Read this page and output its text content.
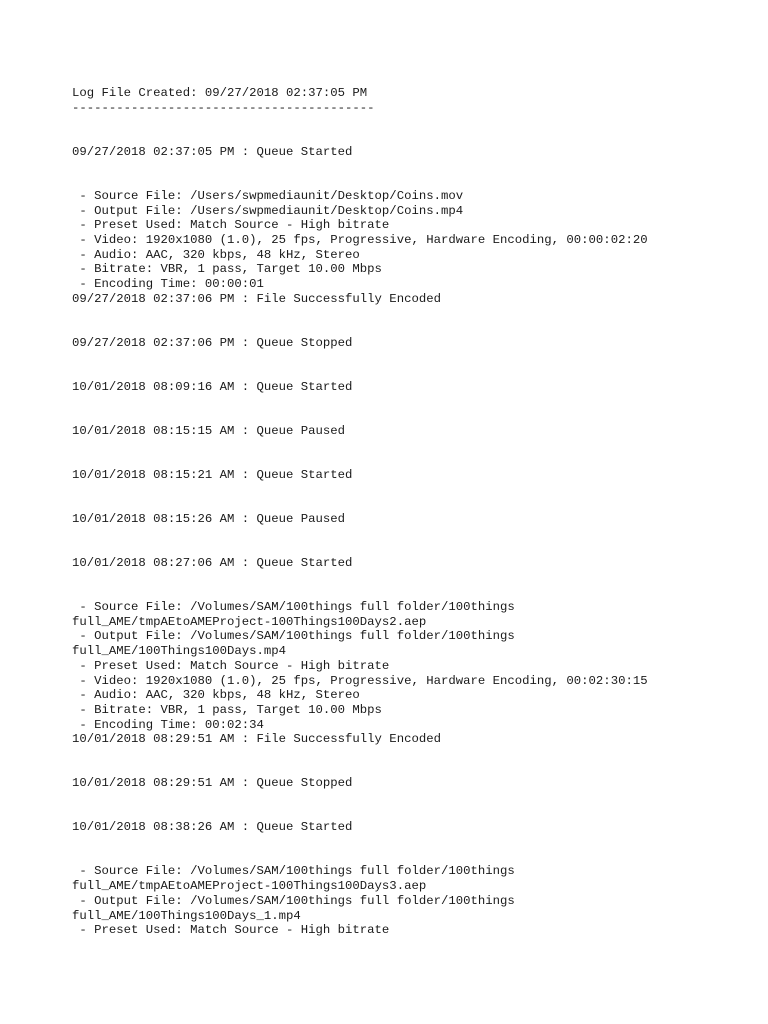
Log File Created: 09/27/2018 02:37:05 PM
-----------------------------------------
09/27/2018 02:37:05 PM : Queue Started
- Source File: /Users/swpmediaunit/Desktop/Coins.mov
- Output File: /Users/swpmediaunit/Desktop/Coins.mp4
- Preset Used: Match Source - High bitrate
- Video: 1920x1080 (1.0), 25 fps, Progressive, Hardware Encoding, 00:00:02:20
- Audio: AAC, 320 kbps, 48 kHz, Stereo
- Bitrate: VBR, 1 pass, Target 10.00 Mbps
- Encoding Time: 00:00:01
09/27/2018 02:37:06 PM : File Successfully Encoded
09/27/2018 02:37:06 PM : Queue Stopped
10/01/2018 08:09:16 AM : Queue Started
10/01/2018 08:15:15 AM : Queue Paused
10/01/2018 08:15:21 AM : Queue Started
10/01/2018 08:15:26 AM : Queue Paused
10/01/2018 08:27:06 AM : Queue Started
- Source File: /Volumes/SAM/100things full folder/100things
full_AME/tmpAEtoAMEProject-100Things100Days2.aep
- Output File: /Volumes/SAM/100things full folder/100things
full_AME/100Things100Days.mp4
- Preset Used: Match Source - High bitrate
- Video: 1920x1080 (1.0), 25 fps, Progressive, Hardware Encoding, 00:02:30:15
- Audio: AAC, 320 kbps, 48 kHz, Stereo
- Bitrate: VBR, 1 pass, Target 10.00 Mbps
- Encoding Time: 00:02:34
10/01/2018 08:29:51 AM : File Successfully Encoded
10/01/2018 08:29:51 AM : Queue Stopped
10/01/2018 08:38:26 AM : Queue Started
- Source File: /Volumes/SAM/100things full folder/100things
full_AME/tmpAEtoAMEProject-100Things100Days3.aep
- Output File: /Volumes/SAM/100things full folder/100things
full_AME/100Things100Days_1.mp4
- Preset Used: Match Source - High bitrate
